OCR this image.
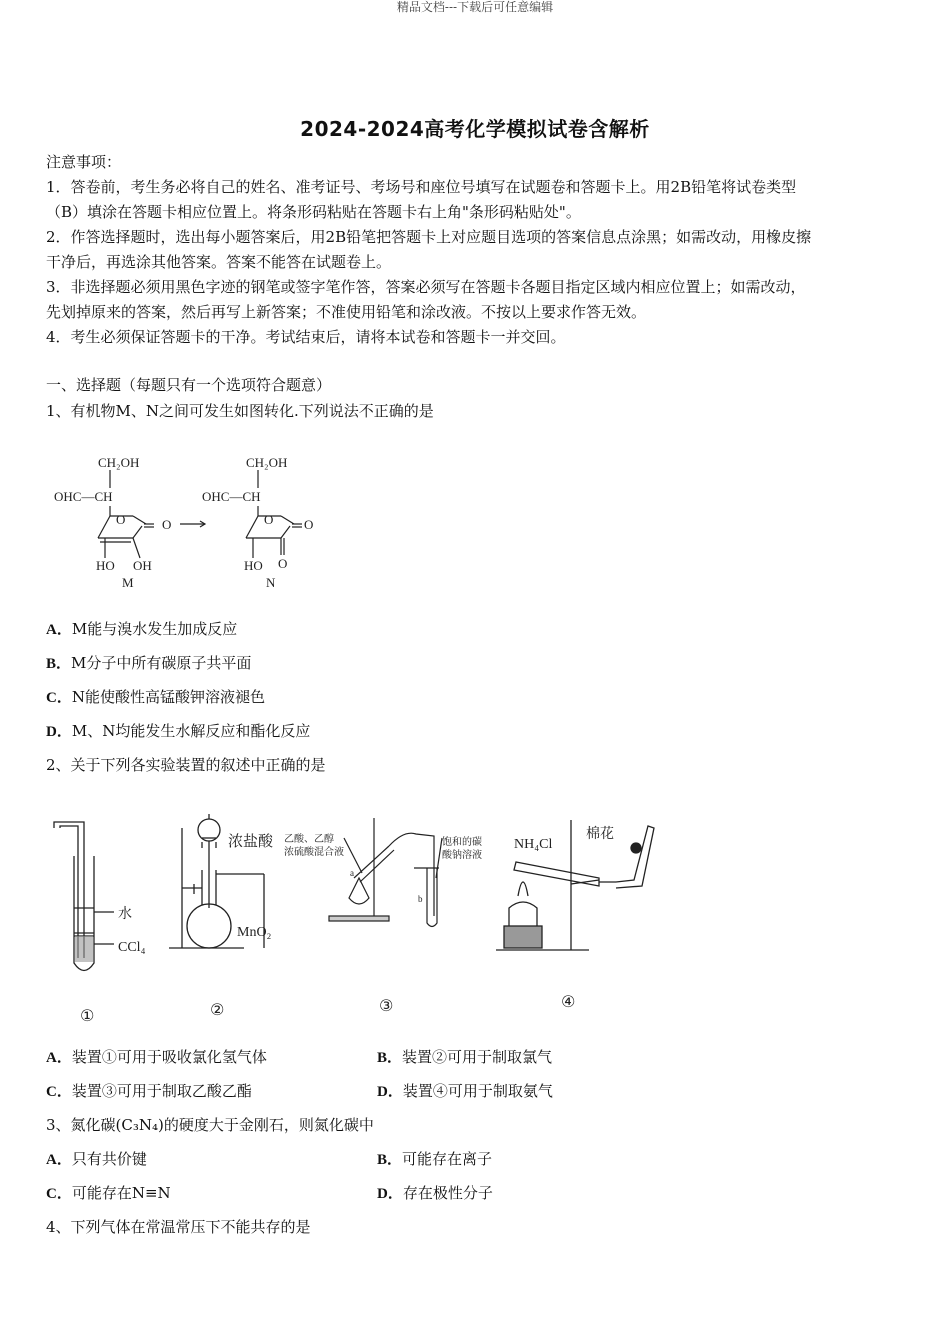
精品文档---下载后可任意编辑
2024-2024高考化学模拟试卷含解析
注意事项：
1．答卷前，考生务必将自己的姓名、准考证号、考场号和座位号填写在试题卷和答题卡上。用2B铅笔将试卷类型
（B）填涂在答题卡相应位置上。将条形码粘贴在答题卡右上角"条形码粘贴处"。
2．作答选择题时，选出每小题答案后，用2B铅笔把答题卡上对应题目选项的答案信息点涂黑；如需改动，用橡皮擦
干净后，再选涂其他答案。答案不能答在试题卷上。
3．非选择题必须用黑色字迹的钢笔或签字笔作答，答案必须写在答题卡各题目指定区域内相应位置上；如需改动，
先划掉原来的答案，然后再写上新答案；不准使用铅笔和涂改液。不按以上要求作答无效。
4．考生必须保证答题卡的干净。考试结束后，请将本试卷和答题卡一并交回。
一、选择题（每题只有一个选项符合题意）
1、有机物M、N之间可发生如图转化.下列说法不正确的是
CH₂OH
OHC—CH
O	O
HO OH
M
CH₂OH
OHC—CH
O O
HO O
N
A．M能与溴水发生加成反应
B．M分子中所有碳原子共平面
C．N能使酸性高锰酸钾溶液褪色
D．M、N均能发生水解反应和酯化反应
2、关于下列各实验装置的叙述中正确的是
水
CCl₄
浓盐酸
MnO₂
乙酸、乙醇
浓硫酸混合液
饱和的碳
酸钠溶液
a
b
NH₄Cl
棉花
①	②	③	④
A．装置①可用于吸收氯化氢气体	B．装置②可用于制取氯气
C．装置③可用于制取乙酸乙酯	D．装置④可用于制取氨气
3、氮化碳(C₃N₄)的硬度大于金刚石，则氮化碳中
A．只有共价键	B．可能存在离子
C．可能存在N≡N	D．存在极性分子
4、下列气体在常温常压下不能共存的是
